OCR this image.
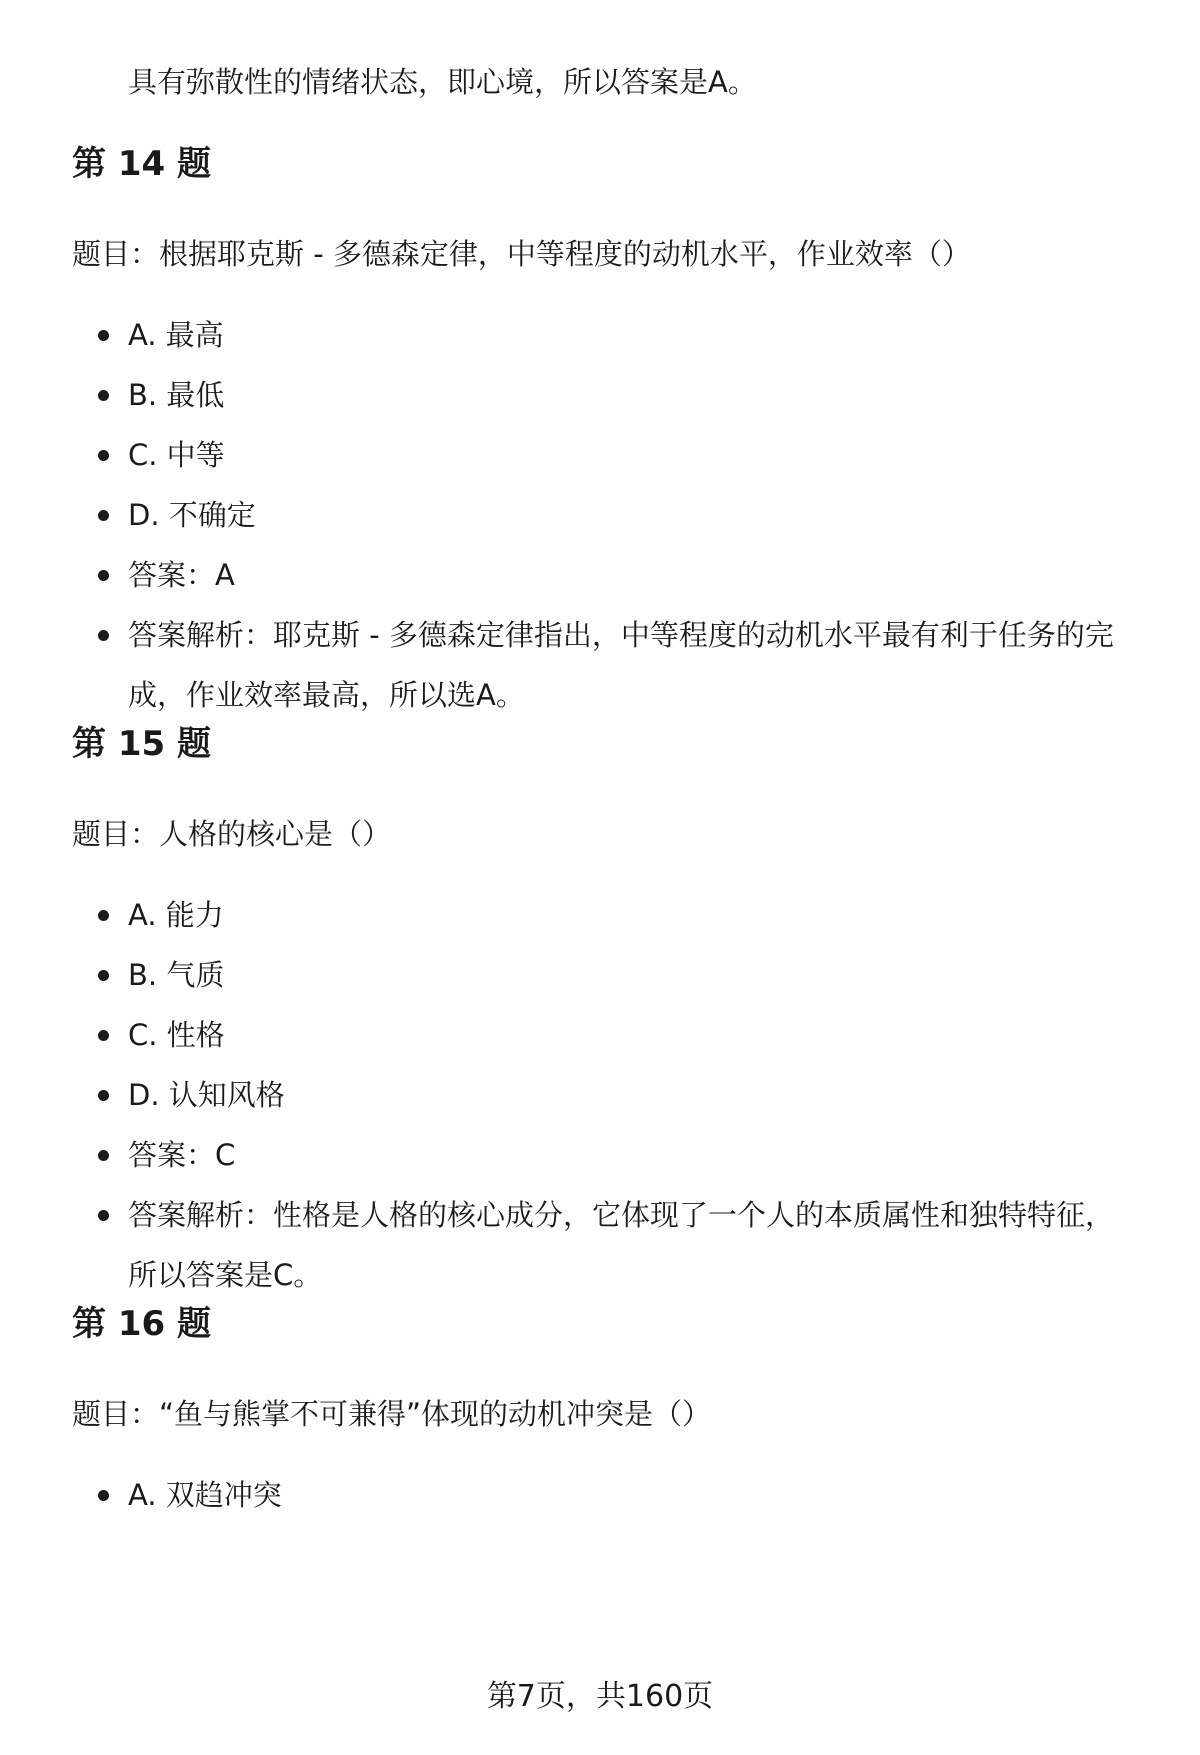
具有弥散性的情绪状态，即心境，所以答案是A。

第 14 题

题目：根据耶克斯 - 多德森定律，中等程度的动机水平，作业效率（）

A. 最高
B. 最低
C. 中等
D. 不确定
答案：A
答案解析：耶克斯 - 多德森定律指出，中等程度的动机水平最有利于任务的完成，作业效率最高，所以选A。
第 15 题

题目：人格的核心是（）

A. 能力
B. 气质
C. 性格
D. 认知风格
答案：C
答案解析：性格是人格的核心成分，它体现了一个人的本质属性和独特特征，所以答案是C。
第 16 题

题目：“鱼与熊掌不可兼得”体现的动机冲突是（）

A. 双趋冲突

第7页，共160页
